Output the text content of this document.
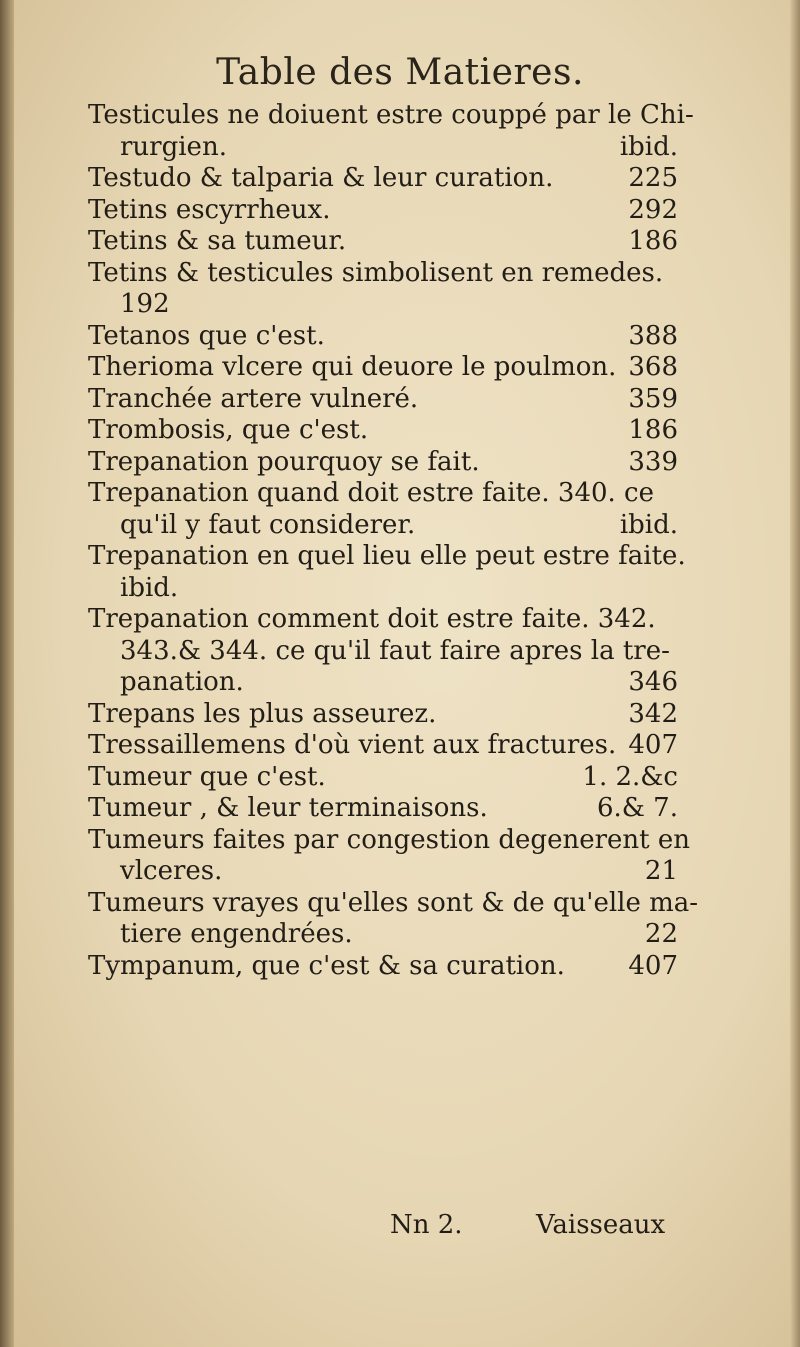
Table des Matieres.
Testicules ne doiuent estre couppé par le Chi-
rurgien.	ibid.
Testudo & talparia & leur curation.	225
Tetins escyrrheux.	292
Tetins & sa tumeur.	186
Tetins & testicules simbolisent en remedes.
192
Tetanos que c'est.	388
Therioma vlcere qui deuore le poulmon. 368
Tranchée artere vulneré.	359
Trombosis, que c'est.	186
Trepanation pourquoy se fait.	339
Trepanation quand doit estre faite. 340. ce
qu'il y faut considerer.	ibid.
Trepanation en quel lieu elle peut estre faite.
ibid.
Trepanation comment doit estre faite. 342.
343.& 344. ce qu'il faut faire apres la tre-
panation.	346
Trepans les plus asseurez.	342
Tressaillemens d'où vient aux fractures. 407
Tumeur que c'est.	1. 2.&c
Tumeur , & leur terminaisons.	6.& 7.
Tumeurs faites par congestion degenerent en
vlceres.	21
Tumeurs vrayes qu'elles sont & de qu'elle ma-
tiere engendrées.	22
Tympanum, que c'est & sa curation. 407
Nn 2.	Vaisseaux
